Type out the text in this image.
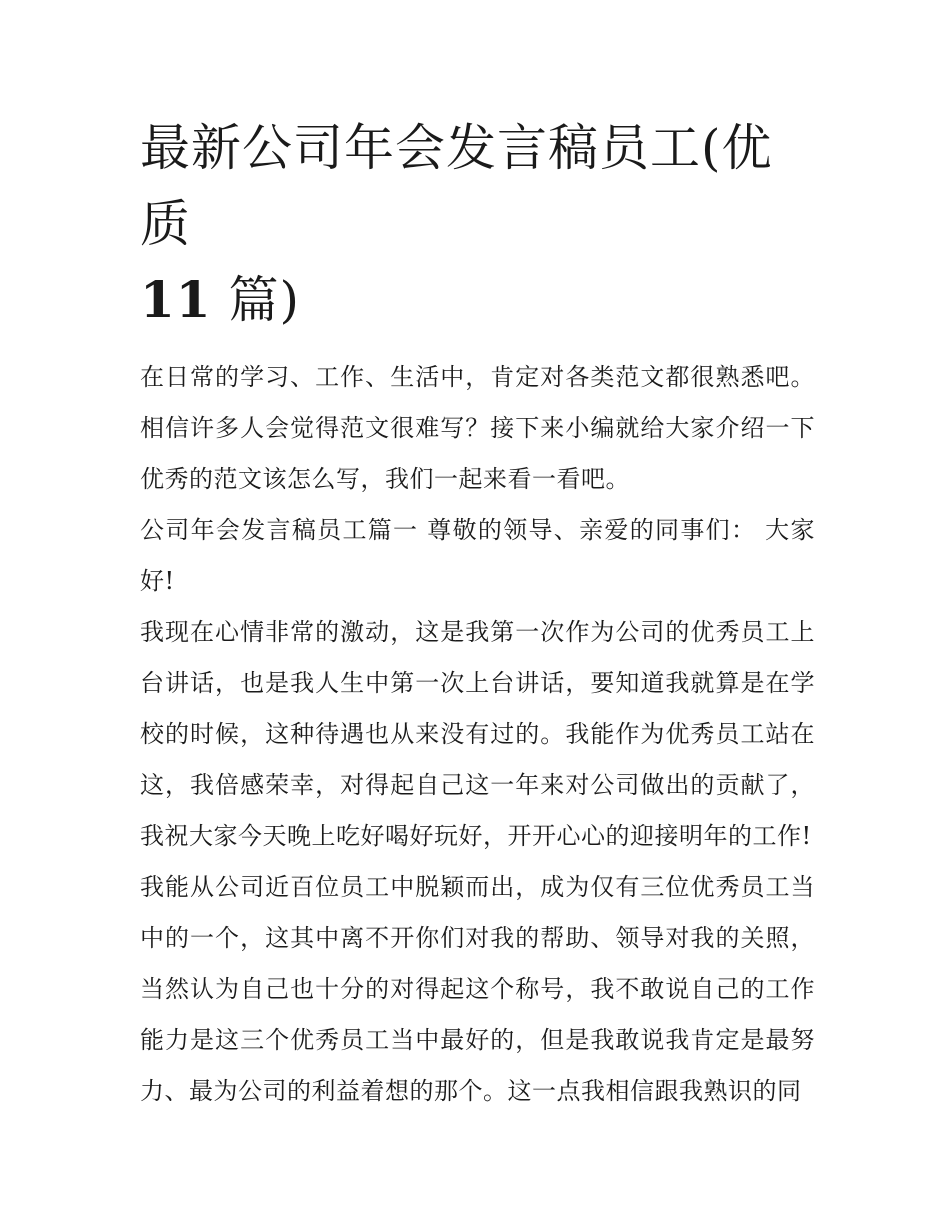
最新公司年会发言稿员工(优质
11 篇)

在日常的学习、工作、生活中，肯定对各类范文都很熟悉吧。相信许多人会觉得范文很难写？接下来小编就给大家介绍一下优秀的范文该怎么写，我们一起来看一看吧。

公司年会发言稿员工篇一 尊敬的领导、亲爱的同事们： 大家好!

我现在心情非常的激动，这是我第一次作为公司的优秀员工上台讲话，也是我人生中第一次上台讲话，要知道我就算是在学校的时候，这种待遇也从来没有过的。我能作为优秀员工站在这，我倍感荣幸，对得起自己这一年来对公司做出的贡献了，我祝大家今天晚上吃好喝好玩好，开开心心的迎接明年的工作!

我能从公司近百位员工中脱颖而出，成为仅有三位优秀员工当中的一个，这其中离不开你们对我的帮助、领导对我的关照，当然认为自己也十分的对得起这个称号，我不敢说自己的工作能力是这三个优秀员工当中最好的，但是我敢说我肯定是最努力、最为公司的利益着想的那个。这一点我相信跟我熟识的同
